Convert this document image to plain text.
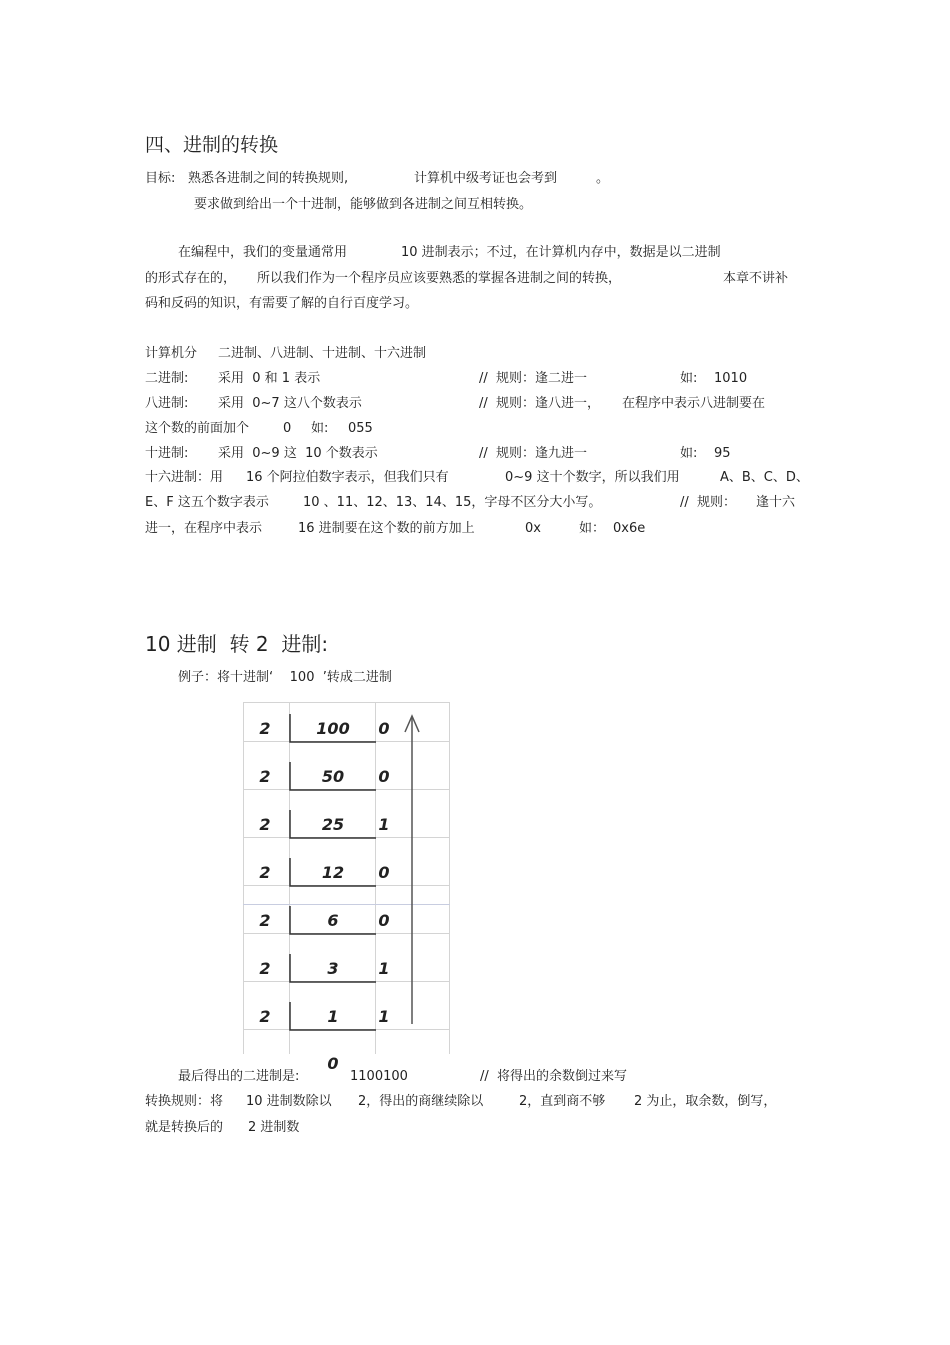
四、进制的转换
目标: 熟悉各进制之间的转换规则,	计算机中级考证也会考到	。
要求做到给出一个十进制，能够做到各进制之间互相转换。
在编程中，我们的变量通常用	10 进制表示；不过，在计算机内存中，数据是以二进制
的形式存在的， 所以我们作为一个程序员应该要熟悉的掌握各进制之间的转换，	本章不讲补
码和反码的知识，有需要了解的自行百度学习。
计算机分 二进制、八进制、十进制、十六进制
二进制: 采用  0 和 1 表示	//  规则：逢二进一	如: 1010
八进制: 采用  0~7 这八个数表示	//  规则：逢八进一， 在程序中表示八进制要在
这个数的前面加个	0 如: 055
十进制: 采用  0~9 这  10 个数表示	//  规则：逢九进一	如: 95
十六进制：用 16 个阿拉伯数字表示，但我们只有	0~9 这十个数字，所以我们用	A、B、C、D、
E、F 这五个数字表示	10 、11、12、13、14、15，字母不区分大小写。	//  规则： 逢十六
进一，在程序中表示	16 进制要在这个数的前方加上	0x	如： 0x6e
10 进制  转 2  进制:
例子：将十进制‘    100  ’转成二进制
2	100	0
2	50	0
2	25	1
2	12	0
2	6	0
2	3	1
2	1	1
0
最后得出的二进制是:	1100100	//  将得出的余数倒过来写
转换规则：将 10 进制数除以 2，得出的商继续除以	2，直到商不够 2 为止，取余数，倒写，
就是转换后的 2 进制数
